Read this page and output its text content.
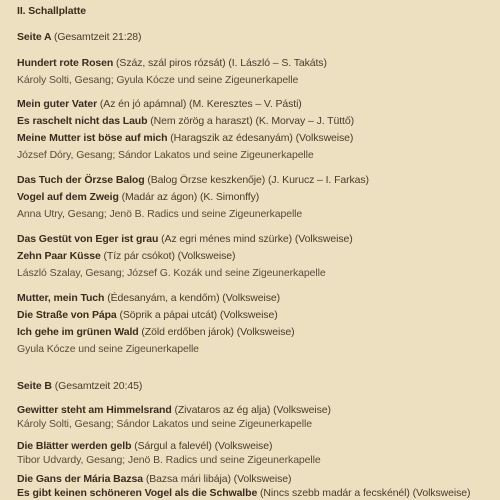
II. Schallplatte
Seite A (Gesamtzeit 21:28)
Hundert rote Rosen (Száz, szál piros rózsát) (I. László – S. Takáts)
Károly Solti, Gesang; Gyula Kócze und seine Zigeunerkapelle
Mein guter Vater (Az én jó apámnal) (M. Keresztes – V. Pásti)
Es raschelt nicht das Laub (Nem zörög a haraszt) (K. Morvay – J. Tüttő)
Meine Mutter ist böse auf mich (Haragszik az édesanyám) (Volksweise)
József Dóry, Gesang; Sándor Lakatos und seine Zigeunerkapelle
Das Tuch der Örzse Balog (Balog Örzse keszkenője) (J. Kurucz – I. Farkas)
Vogel auf dem Zweig (Madár az ágon) (K. Simonffy)
Anna Utry, Gesang; Jenö B. Radics und seine Zigeunerkapelle
Das Gestüt von Eger ist grau (Az egri ménes mind szürke) (Volksweise)
Zehn Paar Küsse (Tíz pár csókot) (Volksweise)
László Szalay, Gesang; József G. Kozák und seine Zigeunerkapelle
Mutter, mein Tuch (Édesanyám, a kendőm) (Volksweise)
Die Straße von Pápa (Söprik a pápai utcát) (Volksweise)
Ich gehe im grünen Wald (Zöld erdőben járok) (Volksweise)
Gyula Kócze und seine Zigeunerkapelle
Seite B (Gesamtzeit 20:45)
Gewitter steht am Himmelsrand (Zivataros az ég alja) (Volksweise)
Károly Solti, Gesang; Sándor Lakatos und seine Zigeunerkapelle
Die Blätter werden gelb (Sárgul a falevél) (Volksweise)
Tibor Udvardy, Gesang; Jenö B. Radics und seine Zigeunerkapelle
Die Gans der Mária Bazsa (Bazsa mári libája) (Volksweise)
Es gibt keinen schöneren Vogel als die Schwalbe (Nincs szebb madár a fecskénél) (Volksweise)
